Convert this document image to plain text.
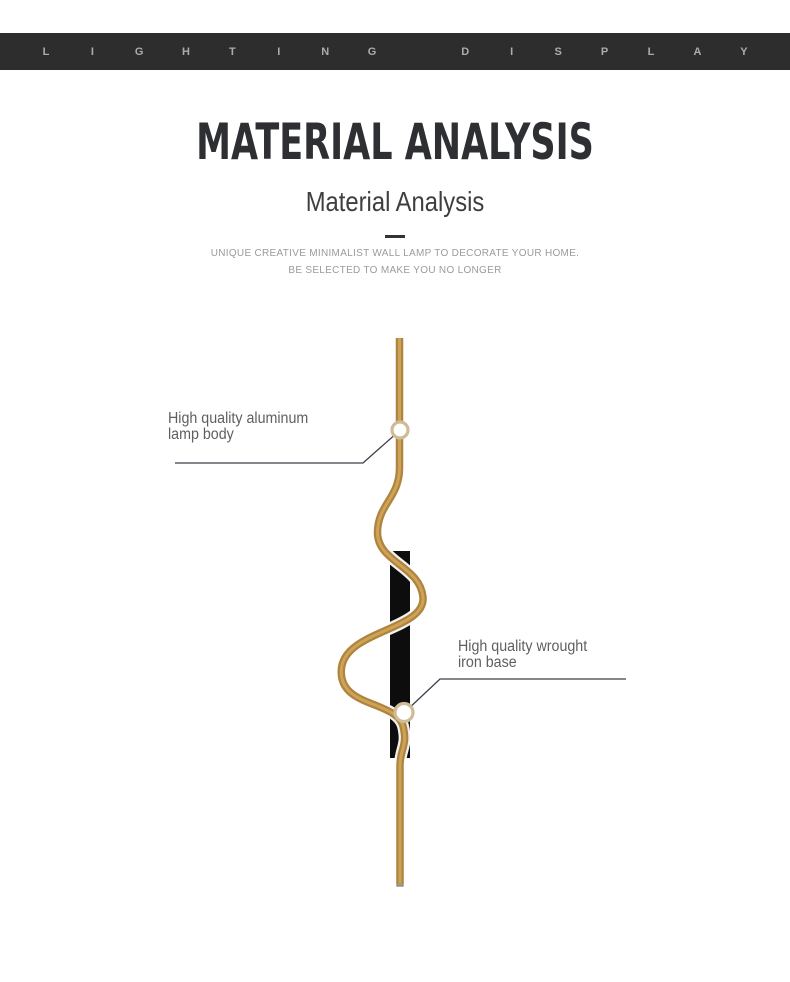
L	I	G	H	T	I	N	G	D	I	S	P	L	A	Y
MATERIAL ANALYSIS
Material Analysis
UNIQUE CREATIVE MINIMALIST WALL LAMP TO DECORATE YOUR HOME.
BE SELECTED TO MAKE YOU NO LONGER
High quality aluminum
lamp body
High quality wrought
iron base
